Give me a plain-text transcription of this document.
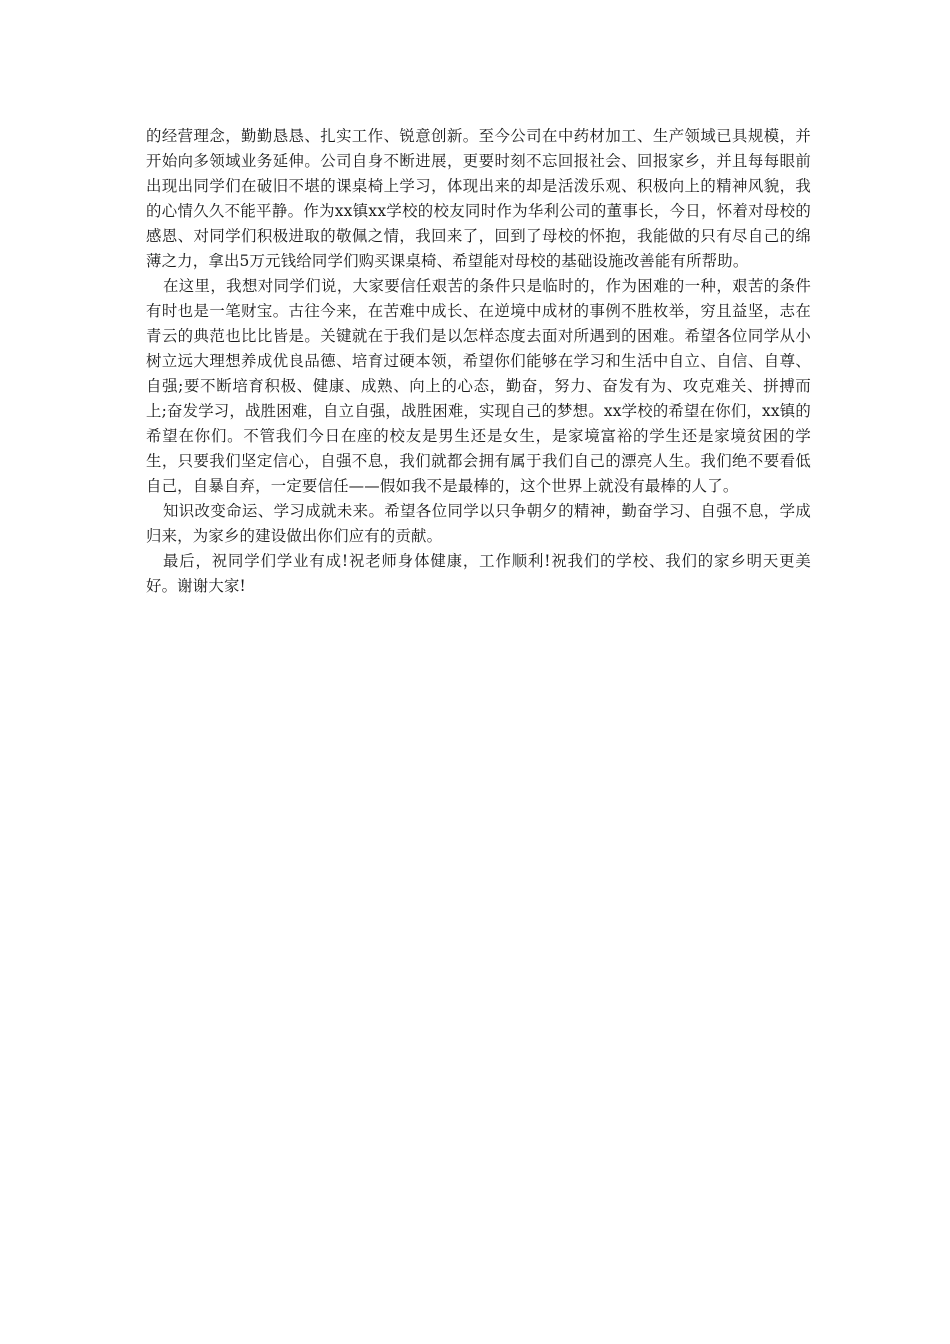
的经营理念，勤勤恳恳、扎实工作、锐意创新。至今公司在中药材加工、生产领域已具规模，并开始向多领域业务延伸。公司自身不断进展，更要时刻不忘回报社会、回报家乡，并且每每眼前出现出同学们在破旧不堪的课桌椅上学习，体现出来的却是活泼乐观、积极向上的精神风貌，我的心情久久不能平静。作为xx镇xx学校的校友同时作为华利公司的董事长，今日，怀着对母校的感恩、对同学们积极进取的敬佩之情，我回来了，回到了母校的怀抱，我能做的只有尽自己的绵薄之力，拿出5万元钱给同学们购买课桌椅、希望能对母校的基础设施改善能有所帮助。

在这里，我想对同学们说，大家要信任艰苦的条件只是临时的，作为困难的一种，艰苦的条件有时也是一笔财宝。古往今来，在苦难中成长、在逆境中成材的事例不胜枚举，穷且益坚，志在青云的典范也比比皆是。关键就在于我们是以怎样态度去面对所遇到的困难。希望各位同学从小树立远大理想养成优良品德、培育过硬本领，希望你们能够在学习和生活中自立、自信、自尊、自强;要不断培育积极、健康、成熟、向上的心态，勤奋，努力、奋发有为、攻克难关、拼搏而上;奋发学习，战胜困难，自立自强，战胜困难，实现自己的梦想。xx学校的希望在你们，xx镇的希望在你们。不管我们今日在座的校友是男生还是女生，是家境富裕的学生还是家境贫困的学生，只要我们坚定信心，自强不息，我们就都会拥有属于我们自己的漂亮人生。我们绝不要看低自己，自暴自弃，一定要信任——假如我不是最棒的，这个世界上就没有最棒的人了。

知识改变命运、学习成就未来。希望各位同学以只争朝夕的精神，勤奋学习、自强不息，学成归来，为家乡的建设做出你们应有的贡献。

最后，祝同学们学业有成!祝老师身体健康，工作顺利!祝我们的学校、我们的家乡明天更美好。谢谢大家!
